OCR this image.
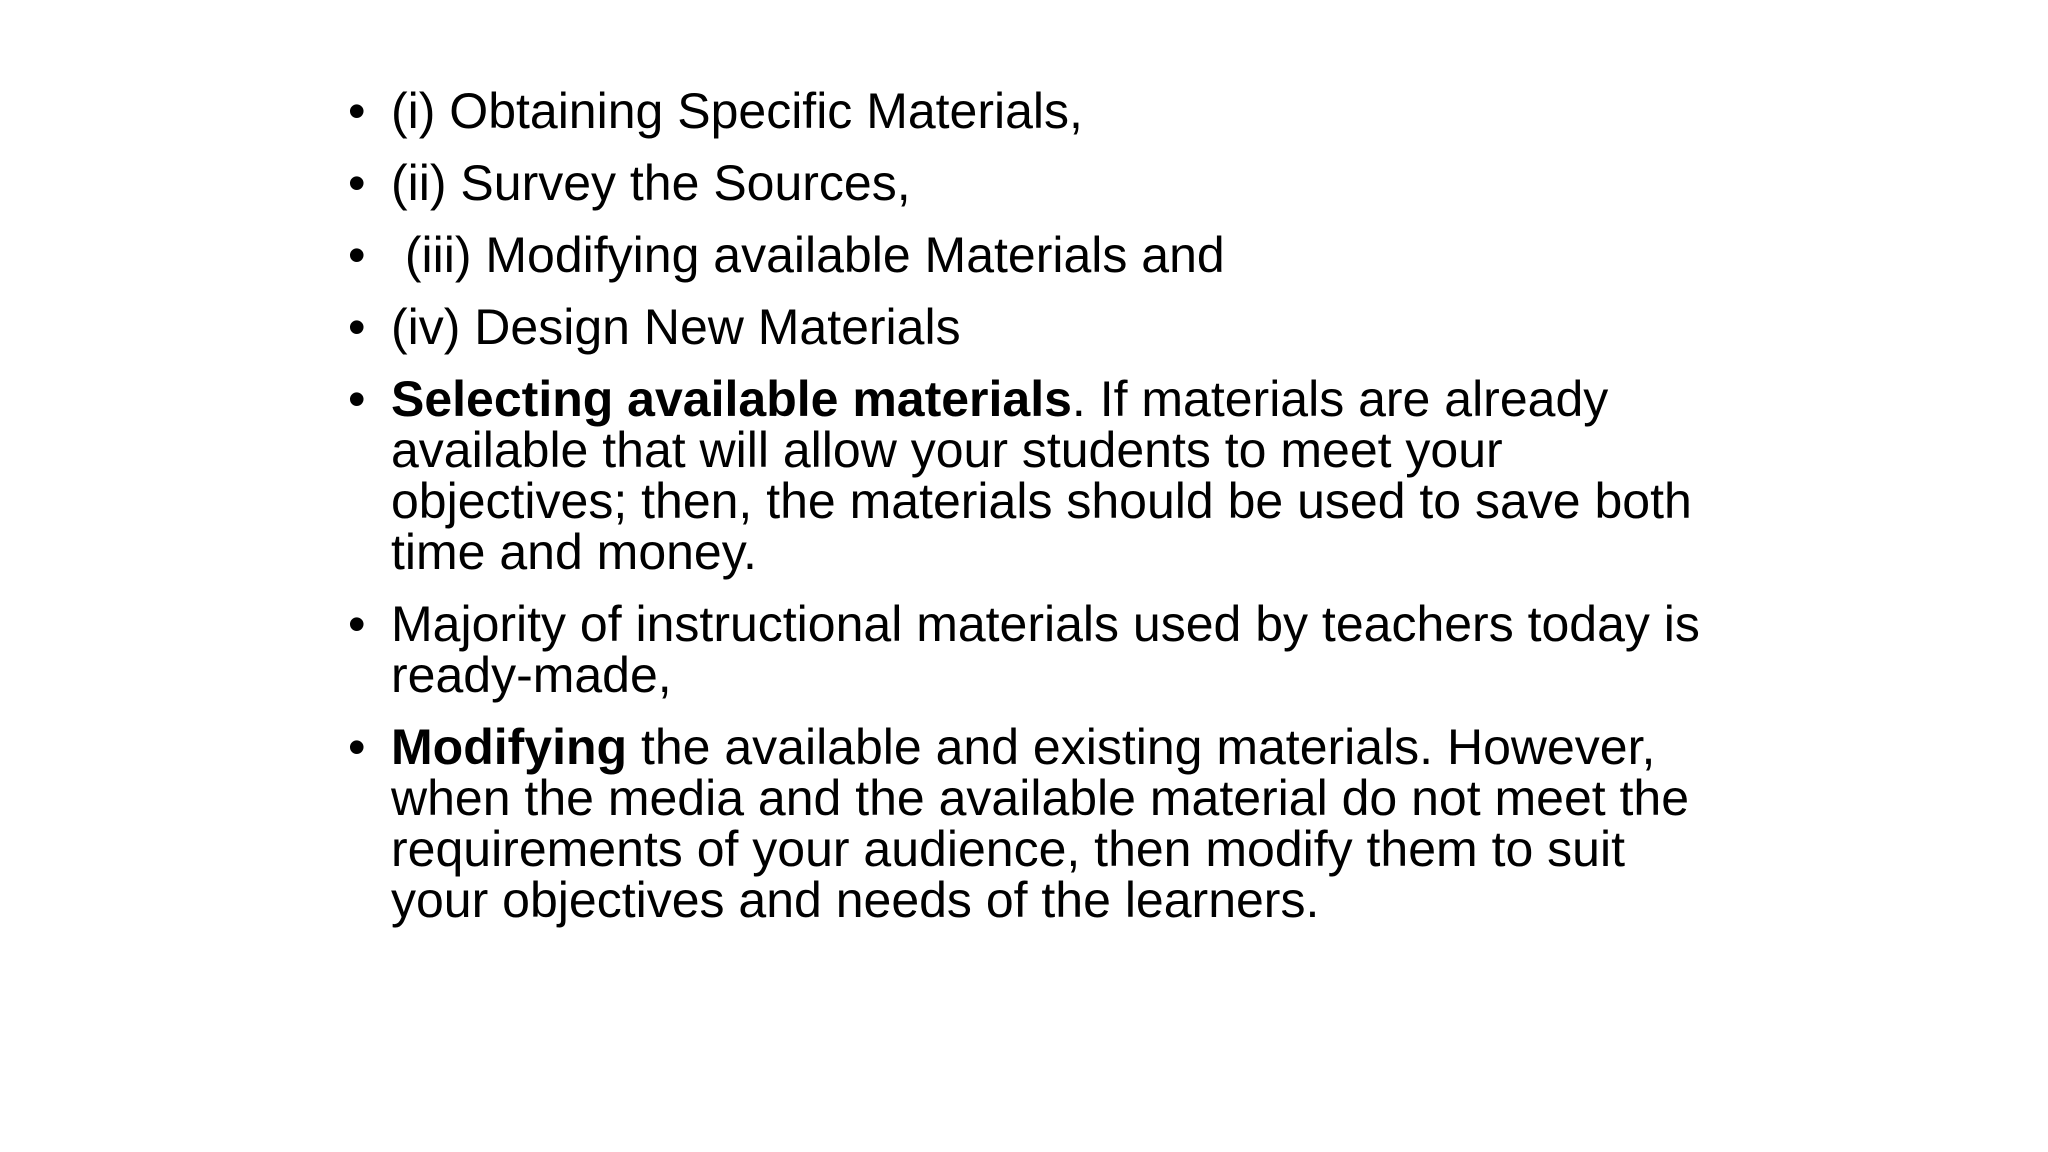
• (i) Obtaining Specific Materials,
• (ii) Survey the Sources,
• (iii) Modifying available Materials and
• (iv) Design New Materials
• Selecting available materials. If materials are already available that will allow your students to meet your objectives; then, the materials should be used to save both time and money.
• Majority of instructional materials used by teachers today is ready-made,
• Modifying the available and existing materials. However, when the media and the available material do not meet the requirements of your audience, then modify them to suit your objectives and needs of the learners.
